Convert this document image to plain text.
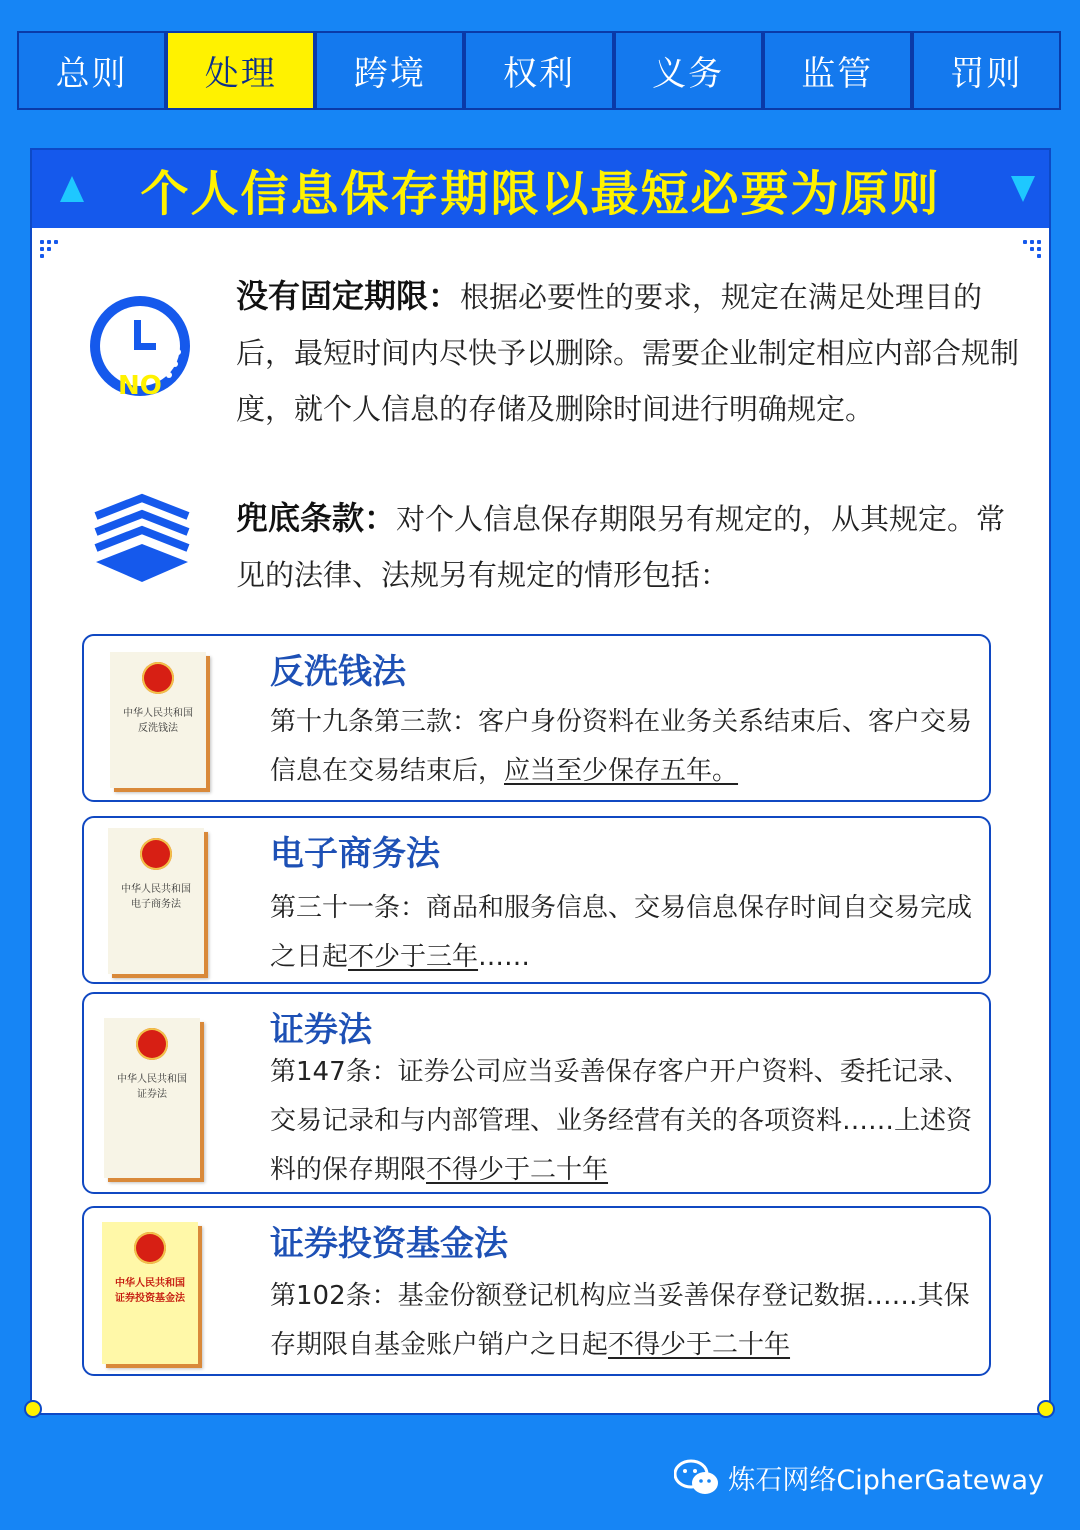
总则	处理	跨境	权利	义务	监管	罚则
个人信息保存期限以最短必要为原则
NO
没有固定期限：根据必要性的要求，规定在满足处理目的后，最短时间内尽快予以删除。需要企业制定相应内部合规制度，就个人信息的存储及删除时间进行明确规定。
兜底条款：对个人信息保存期限另有规定的，从其规定。常见的法律、法规另有规定的情形包括：
中华人民共和国
反洗钱法
反洗钱法
第十九条第三款：客户身份资料在业务关系结束后、客户交易信息在交易结束后，应当至少保存五年。
中华人民共和国
电子商务法
电子商务法
第三十一条：商品和服务信息、交易信息保存时间自交易完成之日起不少于三年……
中华人民共和国
证券法
证券法
第147条：证券公司应当妥善保存客户开户资料、委托记录、交易记录和与内部管理、业务经营有关的各项资料……上述资料的保存期限不得少于二十年
中华人民共和国
证券投资基金法
证券投资基金法
第102条：基金份额登记机构应当妥善保存登记数据……其保存期限自基金账户销户之日起不得少于二十年
炼石网络CipherGateway
